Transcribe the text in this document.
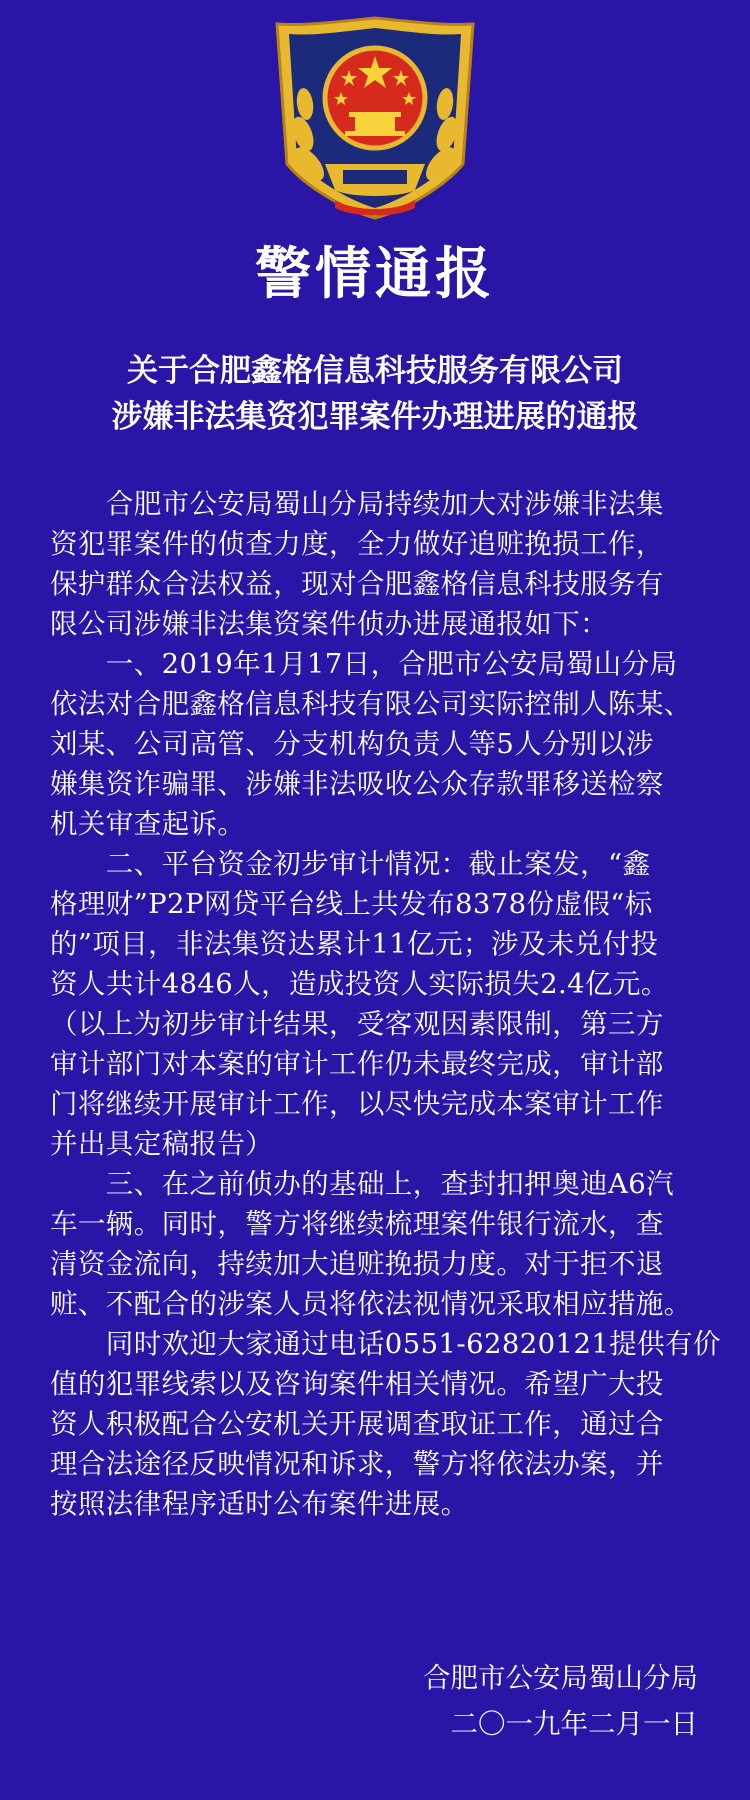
警情通报
关于合肥鑫格信息科技服务有限公司
涉嫌非法集资犯罪案件办理进展的通报
　　合肥市公安局蜀山分局持续加大对涉嫌非法集
资犯罪案件的侦查力度，全力做好追赃挽损工作，
保护群众合法权益，现对合肥鑫格信息科技服务有
限公司涉嫌非法集资案件侦办进展通报如下：
　　一、2019年1月17日，合肥市公安局蜀山分局
依法对合肥鑫格信息科技有限公司实际控制人陈某、
刘某、公司高管、分支机构负责人等5人分别以涉
嫌集资诈骗罪、涉嫌非法吸收公众存款罪移送检察
机关审查起诉。
　　二、平台资金初步审计情况：截止案发，“鑫
格理财”P2P网贷平台线上共发布8378份虚假“标
的”项目，非法集资达累计11亿元；涉及未兑付投
资人共计4846人，造成投资人实际损失2.4亿元。
（以上为初步审计结果，受客观因素限制，第三方
审计部门对本案的审计工作仍未最终完成，审计部
门将继续开展审计工作，以尽快完成本案审计工作
并出具定稿报告）
　　三、在之前侦办的基础上，查封扣押奥迪A6汽
车一辆。同时，警方将继续梳理案件银行流水，查
清资金流向，持续加大追赃挽损力度。对于拒不退
赃、不配合的涉案人员将依法视情况采取相应措施。
　　同时欢迎大家通过电话0551-62820121提供有价
值的犯罪线索以及咨询案件相关情况。希望广大投
资人积极配合公安机关开展调查取证工作，通过合
理合法途径反映情况和诉求，警方将依法办案，并
按照法律程序适时公布案件进展。
合肥市公安局蜀山分局
二〇一九年二月一日
